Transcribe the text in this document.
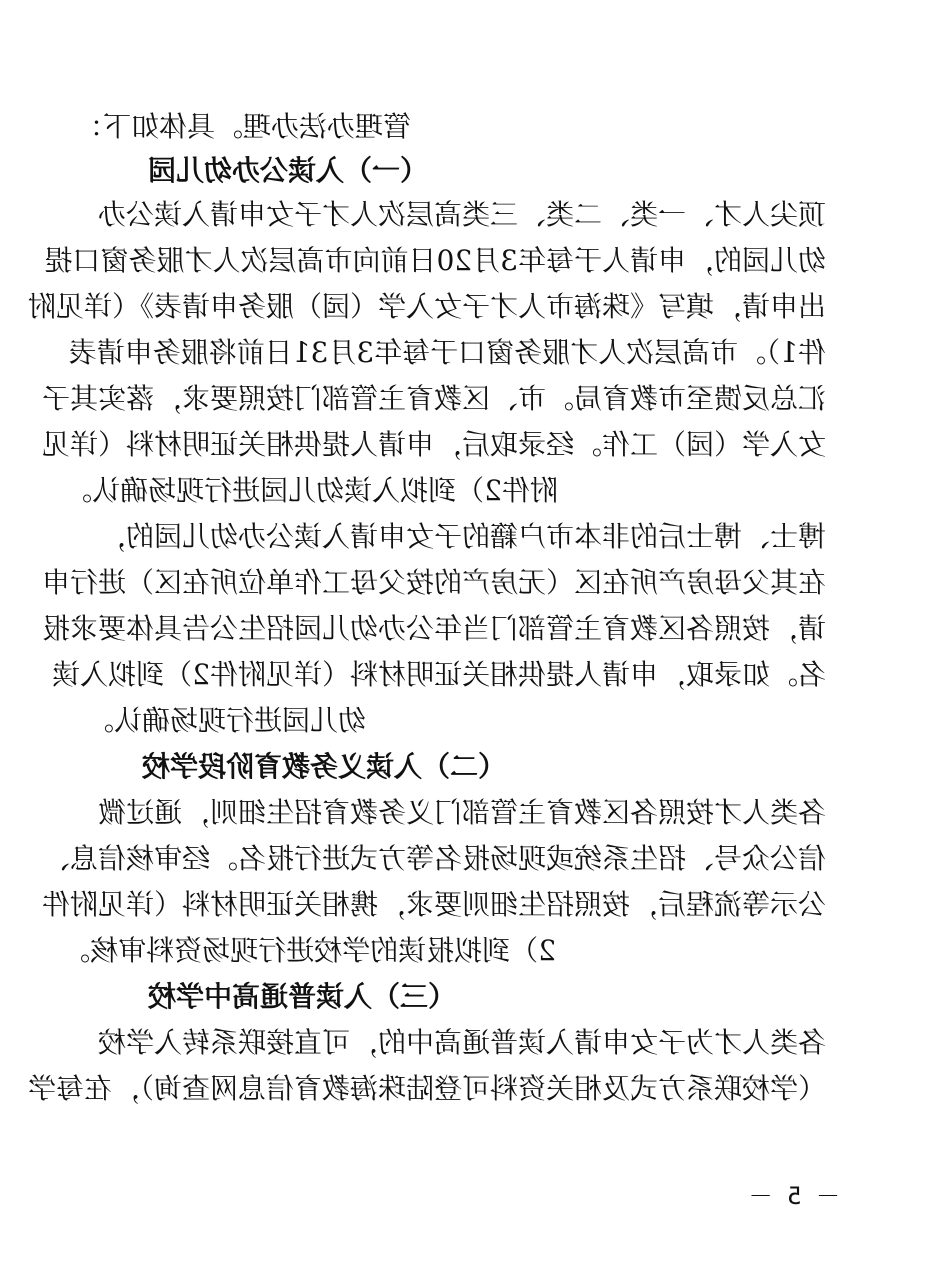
管理办法办理。具体如下：
（一）入读公办幼儿园
顶尖人才、一类、二类、三类高层次人才子女申请入读公办
幼儿园的，申请人于每年3月20日前向市高层次人才服务窗口提
出申请，填写《珠海市人才子女入学（园）服务申请表》（详见附
件1）。市高层次人才服务窗口于每年3月31日前将服务申请表
汇总反馈至市教育局。市、区教育主管部门按照要求，落实其子
女入学（园）工作。经录取后，申请人提供相关证明材料（详见
附件2）到拟入读幼儿园进行现场确认。
博士、博士后的非本市户籍的子女申请入读公办幼儿园的，
在其父母房产所在区（无房产的按父母工作单位所在区）进行申
请，按照各区教育主管部门当年公办幼儿园招生公告具体要求报
名。如录取，申请人提供相关证明材料（详见附件2）到拟入读
幼儿园进行现场确认。
（二）入读义务教育阶段学校
各类人才按照各区教育主管部门义务教育招生细则，通过微
信公众号、招生系统或现场报名等方式进行报名。经审核信息、
公示等流程后，按照招生细则要求，携相关证明材料（详见附件
2）到拟报读的学校进行现场资料审核。
（三）入读普通高中学校
各类人才为子女申请入读普通高中的，可直接联系转入学校
（学校联系方式及相关资料可登陆珠海教育信息网查询），在每学
－ 5 －
